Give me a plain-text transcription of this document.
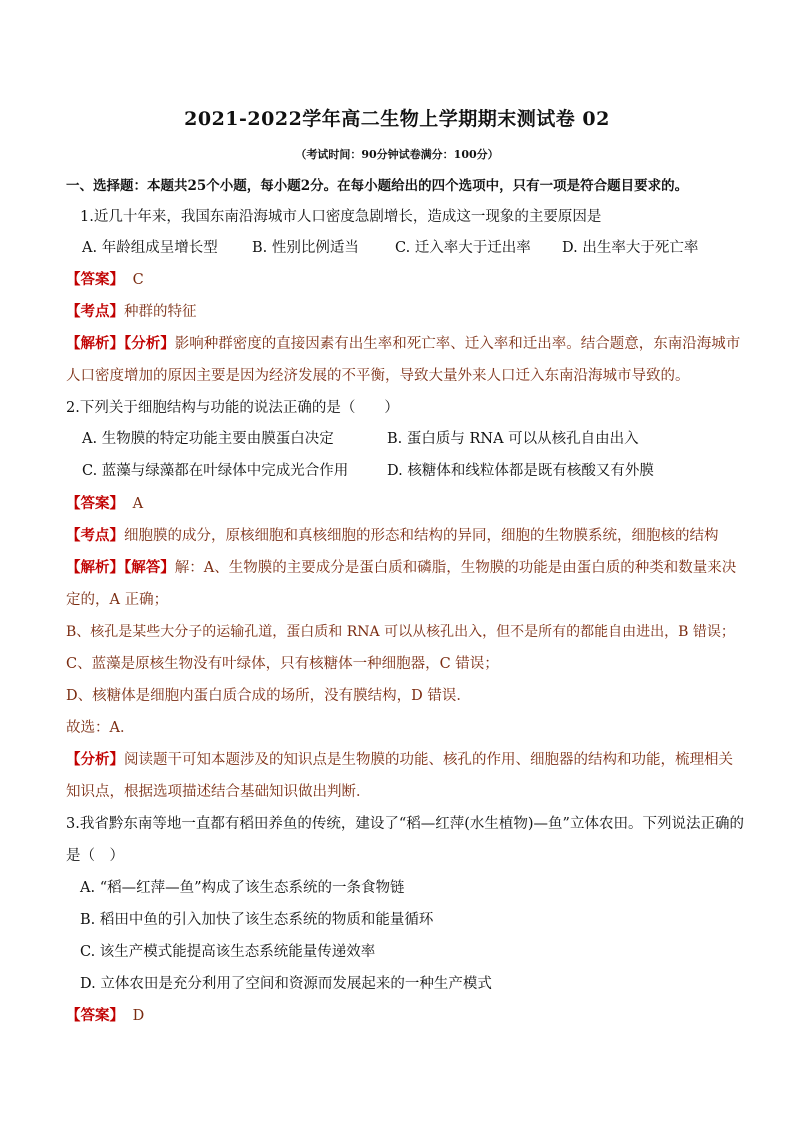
2021-2022学年高二生物上学期期末测试卷 02
（考试时间：90分钟试卷满分：100分）
一、选择题：本题共25个小题，每小题2分。在每小题给出的四个选项中，只有一项是符合题目要求的。
1.近几十年来，我国东南沿海城市人口密度急剧增长，造成这一现象的主要原因是
A. 年龄组成呈增长型 B. 性别比例适当 C. 迁入率大于迁出率 D. 出生率大于死亡率
【答案】 C
【考点】种群的特征
【解析】【分析】影响种群密度的直接因素有出生率和死亡率、迁入率和迁出率。结合题意，东南沿海城市
人口密度增加的原因主要是因为经济发展的不平衡，导致大量外来人口迁入东南沿海城市导致的。
2.下列关于细胞结构与功能的说法正确的是（　　）
A. 生物膜的特定功能主要由膜蛋白决定	B. 蛋白质与 RNA 可以从核孔自由出入
C. 蓝藻与绿藻都在叶绿体中完成光合作用	D. 核糖体和线粒体都是既有核酸又有外膜
【答案】 A
【考点】细胞膜的成分，原核细胞和真核细胞的形态和结构的异同，细胞的生物膜系统，细胞核的结构
【解析】【解答】解：A、生物膜的主要成分是蛋白质和磷脂，生物膜的功能是由蛋白质的种类和数量来决
定的，A 正确；
B、核孔是某些大分子的运输孔道，蛋白质和 RNA 可以从核孔出入，但不是所有的都能自由进出，B 错误；
C、蓝藻是原核生物没有叶绿体，只有核糖体一种细胞器，C 错误；
D、核糖体是细胞内蛋白质合成的场所，没有膜结构，D 错误．
故选：A．
【分析】阅读题干可知本题涉及的知识点是生物膜的功能、核孔的作用、细胞器的结构和功能，梳理相关
知识点，根据选项描述结合基础知识做出判断．
3.我省黔东南等地一直都有稻田养鱼的传统，建设了“稻—红萍(水生植物)—鱼”立体农田。下列说法正确的
是（　）
A. “稻—红萍—鱼”构成了该生态系统的一条食物链
B. 稻田中鱼的引入加快了该生态系统的物质和能量循环
C. 该生产模式能提高该生态系统能量传递效率
D. 立体农田是充分利用了空间和资源而发展起来的一种生产模式
【答案】 D
